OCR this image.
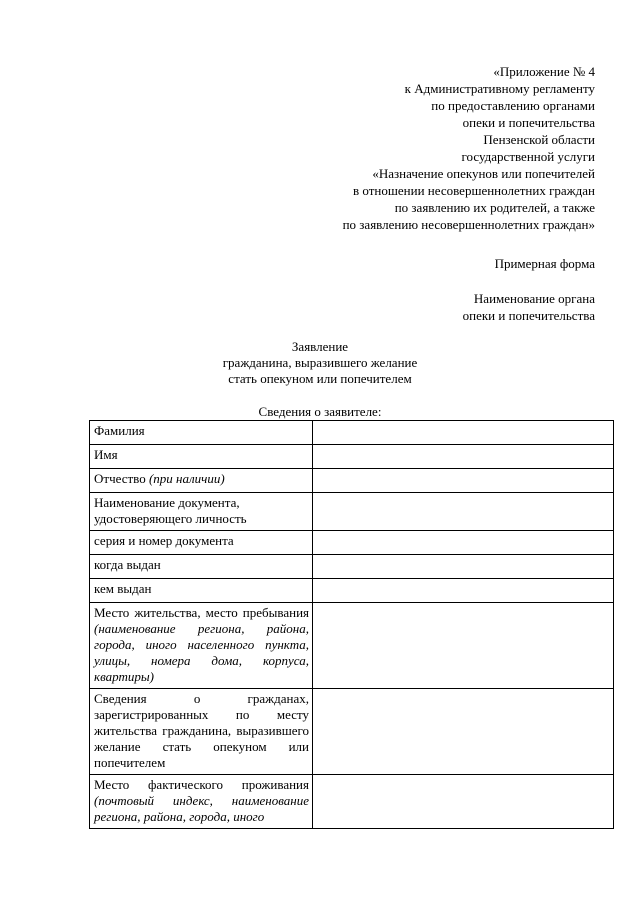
«Приложение № 4
к Административному регламенту
по предоставлению органами
опеки и попечительства
Пензенской области
государственной услуги
«Назначение опекунов или попечителей
в отношении несовершеннолетних граждан
по заявлению их родителей, а также
по заявлению несовершеннолетних граждан»
Примерная форма
Наименование органа
опеки и попечительства
Заявление
гражданина, выразившего желание
стать опекуном или попечителем
Сведения о заявителе:
Фамилия	
Имя	
Отчество (при наличии)	
Наименование документа, удостоверяющего личность	
серия и номер документа	
когда выдан	
кем выдан	
Место жительства, место пребывания (наименование региона, района, города, иного населенного пункта, улицы, номера дома, корпуса, квартиры)	
Сведения о гражданах, зарегистрированных по месту жительства гражданина, выразившего желание стать опекуном или попечителем	
Место фактического проживания (почтовый индекс, наименование региона, района, города, иного	
